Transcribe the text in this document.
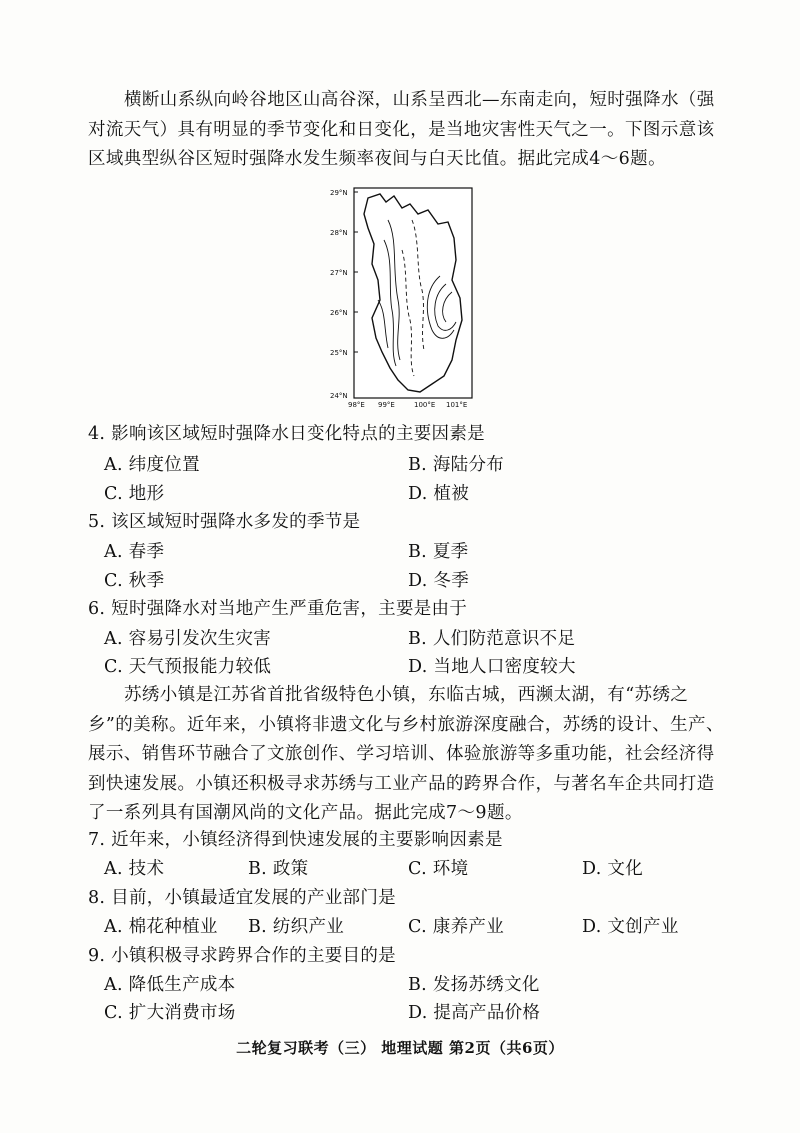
横断山系纵向岭谷地区山高谷深，山系呈西北—东南走向，短时强降水（强对流天气）具有明显的季节变化和日变化，是当地灾害性天气之一。下图示意该区域典型纵谷区短时强降水发生频率夜间与白天比值。据此完成4～6题。

29°N
28°N
27°N
26°N
25°N
24°N
98°E 99°E	100°E 101°E

4. 影响该区域短时强降水日变化特点的主要因素是

A. 纬度位置	B. 海陆分布
C. 地形	D. 植被

5. 该区域短时强降水多发的季节是

A. 春季	B. 夏季
C. 秋季	D. 冬季

6. 短时强降水对当地产生严重危害，主要是由于

A. 容易引发次生灾害	B. 人们防范意识不足
C. 天气预报能力较低	D. 当地人口密度较大

苏绣小镇是江苏省首批省级特色小镇，东临古城，西濒太湖，有“苏绣之乡”的美称。近年来，小镇将非遗文化与乡村旅游深度融合，苏绣的设计、生产、展示、销售环节融合了文旅创作、学习培训、体验旅游等多重功能，社会经济得到快速发展。小镇还积极寻求苏绣与工业产品的跨界合作，与著名车企共同打造了一系列具有国潮风尚的文化产品。据此完成7～9题。

7. 近年来，小镇经济得到快速发展的主要影响因素是

A. 技术	B. 政策	C. 环境	D. 文化

8. 目前，小镇最适宜发展的产业部门是

A. 棉花种植业 B. 纺织产业	C. 康养产业	D. 文创产业

9. 小镇积极寻求跨界合作的主要目的是

A. 降低生产成本	B. 发扬苏绣文化
C. 扩大消费市场	D. 提高产品价格
二轮复习联考（三） 地理试题 第2页（共6页）
